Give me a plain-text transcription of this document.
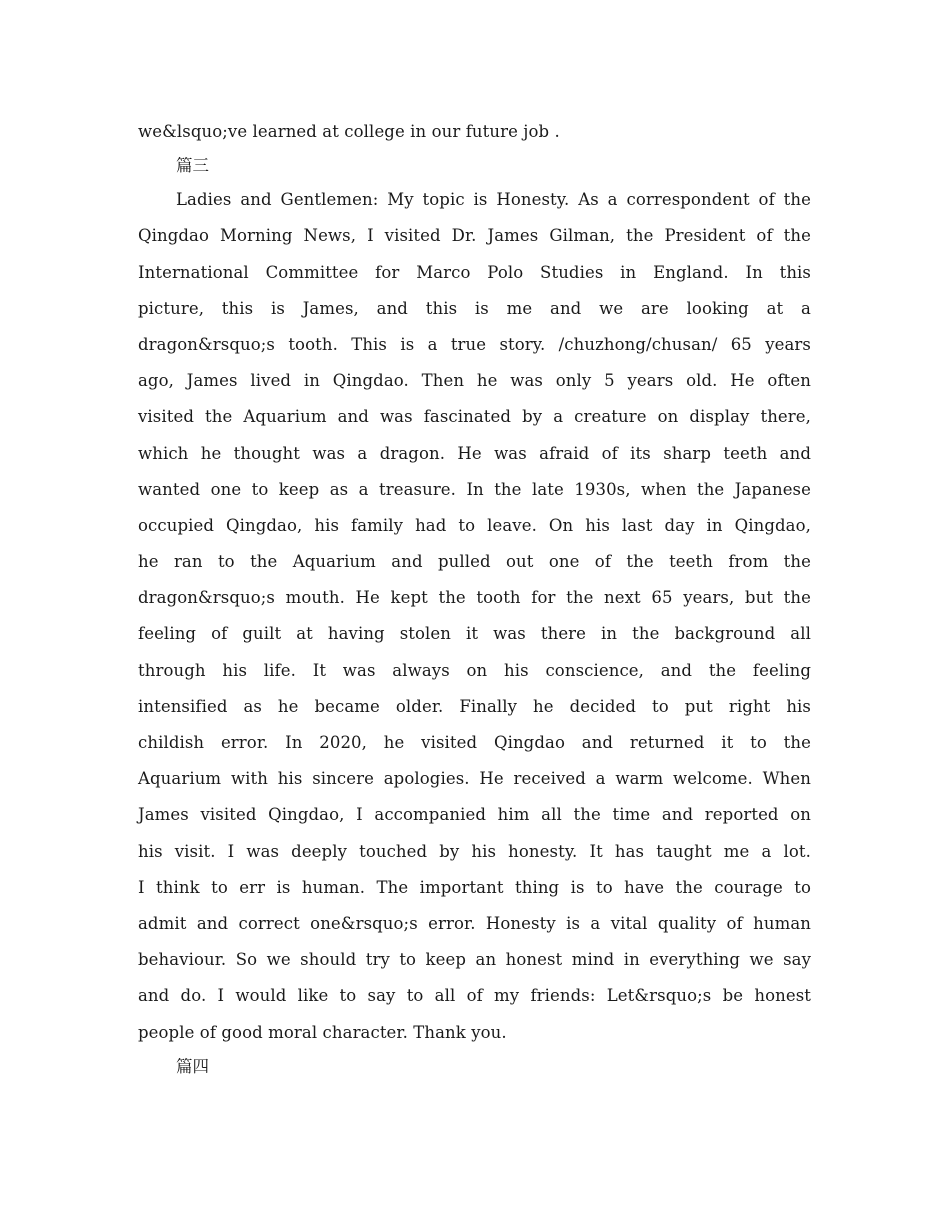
we&lsquo;ve learned at college in our future job .
篇三
Ladies and Gentlemen: My topic is Honesty. As a correspondent of the
Qingdao Morning News, I visited Dr. James Gilman, the President of the
International Committee for Marco Polo Studies in England. In this
picture, this is James, and this is me and we are looking at a
dragon&rsquo;s tooth. This is a true story. /chuzhong/chusan/ 65 years
ago, James lived in Qingdao. Then he was only 5 years old. He often
visited the Aquarium and was fascinated by a creature on display there,
which he thought was a dragon. He was afraid of its sharp teeth and
wanted one to keep as a treasure. In the late 1930s, when the Japanese
occupied Qingdao, his family had to leave. On his last day in Qingdao,
he ran to the Aquarium and pulled out one of the teeth from the
dragon&rsquo;s mouth. He kept the tooth for the next 65 years, but the
feeling of guilt at having stolen it was there in the background all
through his life. It was always on his conscience, and the feeling
intensified as he became older. Finally he decided to put right his
childish error. In 2020, he visited Qingdao and returned it to the
Aquarium with his sincere apologies. He received a warm welcome. When
James visited Qingdao, I accompanied him all the time and reported on
his visit. I was deeply touched by his honesty. It has taught me a lot.
I think to err is human. The important thing is to have the courage to
admit and correct one&rsquo;s error. Honesty is a vital quality of human
behaviour. So we should try to keep an honest mind in everything we say
and do. I would like to say to all of my friends: Let&rsquo;s be honest
people of good moral character. Thank you.
篇四
